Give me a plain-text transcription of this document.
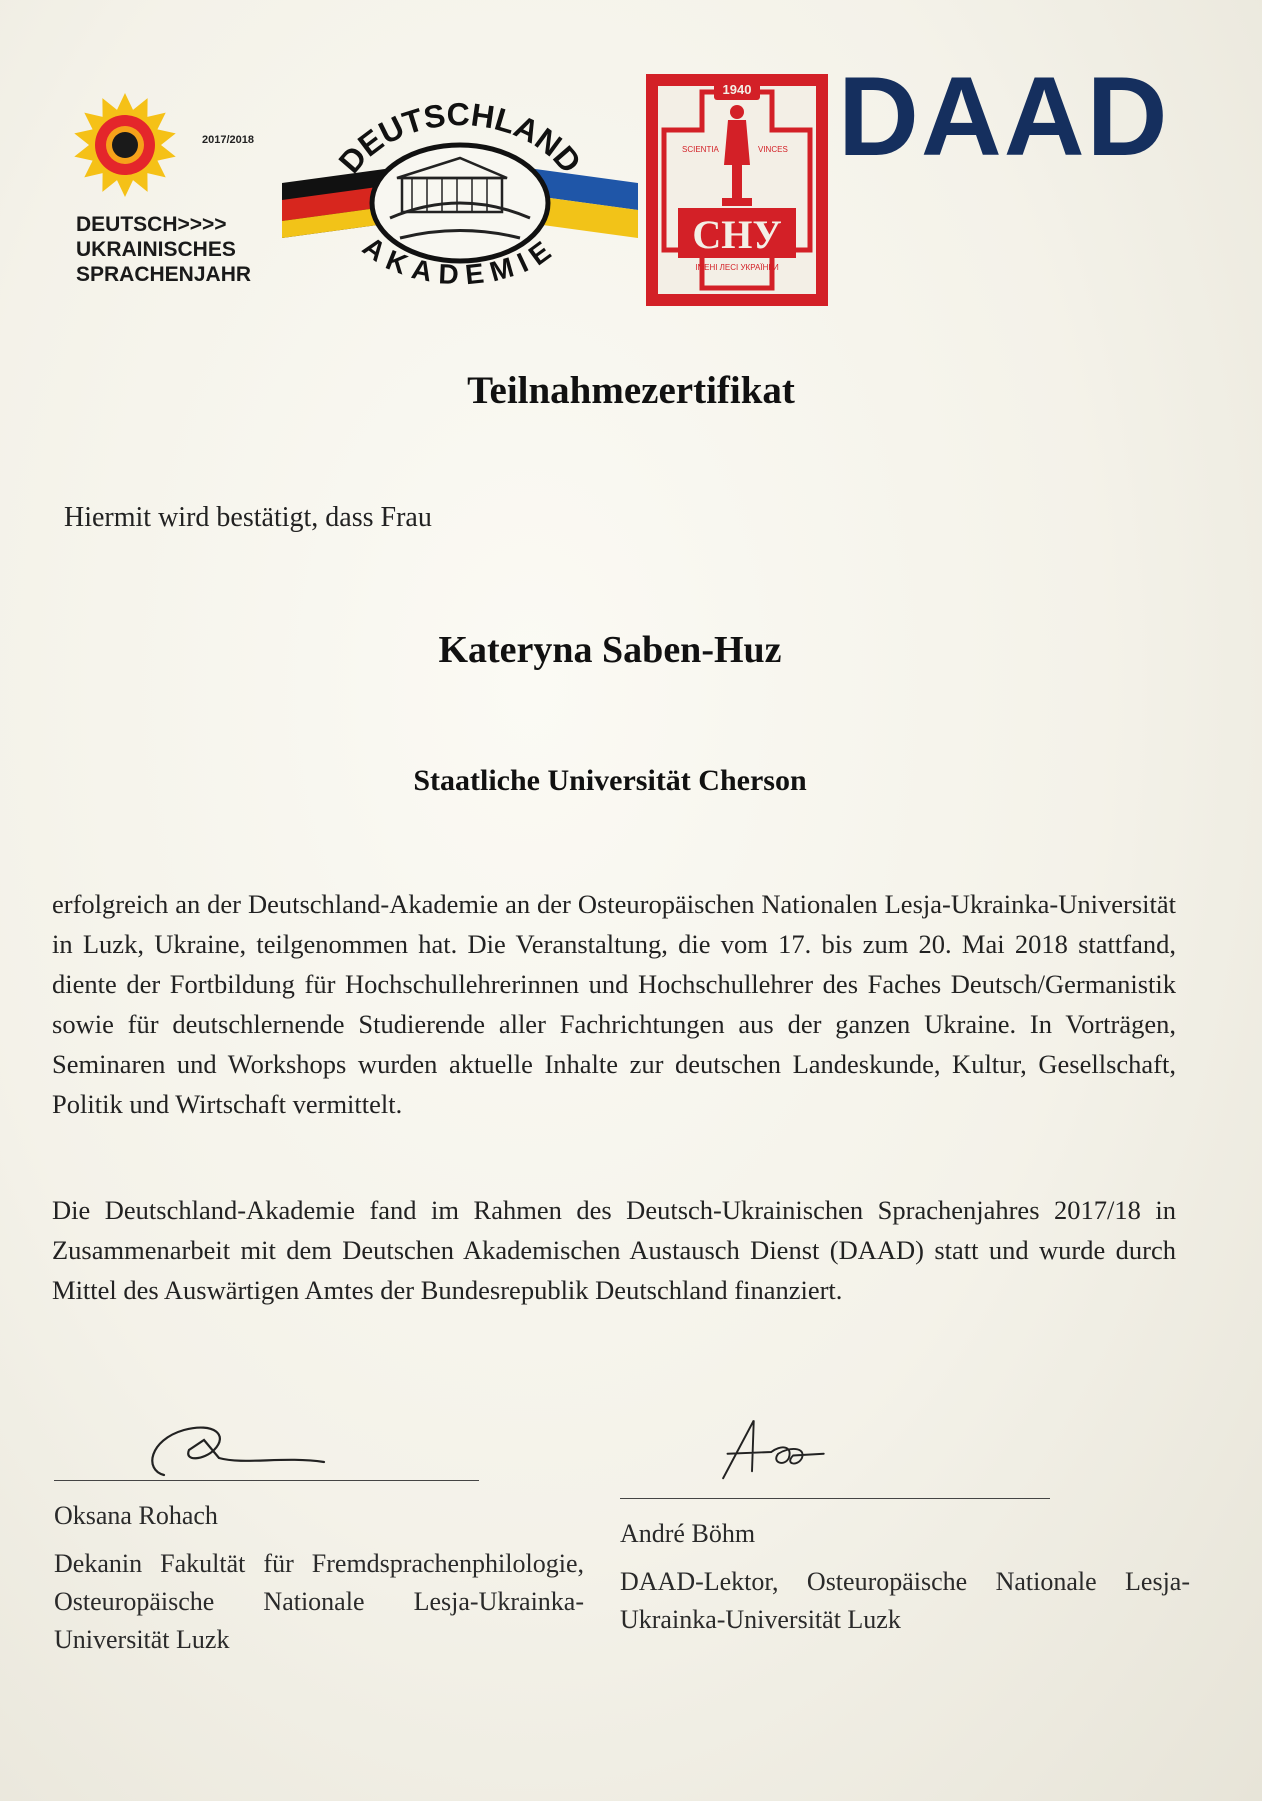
2017/2018
DEUTSCH>>>>
UKRAINISCHES
SPRACHENJAHR
DEUTSCHLAND
AKADEMIE
1940
SCIENTIA	VINCES
СНУ
ІМЕНІ ЛЕСІ УКРАЇНКИ
DAAD
Teilnahmezertifikat
Hiermit wird bestätigt, dass Frau
Kateryna Saben-Huz
Staatliche Universität Cherson
erfolgreich an der Deutschland-Akademie an der Osteuropäischen Nationalen Lesja-Ukrainka-Universität in Luzk, Ukraine, teilgenommen hat. Die Veranstaltung, die vom 17. bis zum 20. Mai 2018 stattfand, diente der Fortbildung für Hochschullehrerinnen und Hochschullehrer des Faches Deutsch/Germanistik sowie für deutschlernende Studierende aller Fachrichtungen aus der ganzen Ukraine. In Vorträgen, Seminaren und Workshops wurden aktuelle Inhalte zur deutschen Landeskunde, Kultur, Gesellschaft, Politik und Wirtschaft vermittelt.
Die Deutschland-Akademie fand im Rahmen des Deutsch-Ukrainischen Sprachenjahres 2017/18 in Zusammenarbeit mit dem Deutschen Akademischen Austausch Dienst (DAAD) statt und wurde durch Mittel des Auswärtigen Amtes der Bundesrepublik Deutschland finanziert.
Oksana Rohach
Dekanin Fakultät für Fremdsprachenphilologie, Osteuropäische Nationale Lesja-Ukrainka-Universität Luzk
André Böhm
DAAD-Lektor, Osteuropäische Nationale Lesja-Ukrainka-Universität Luzk
